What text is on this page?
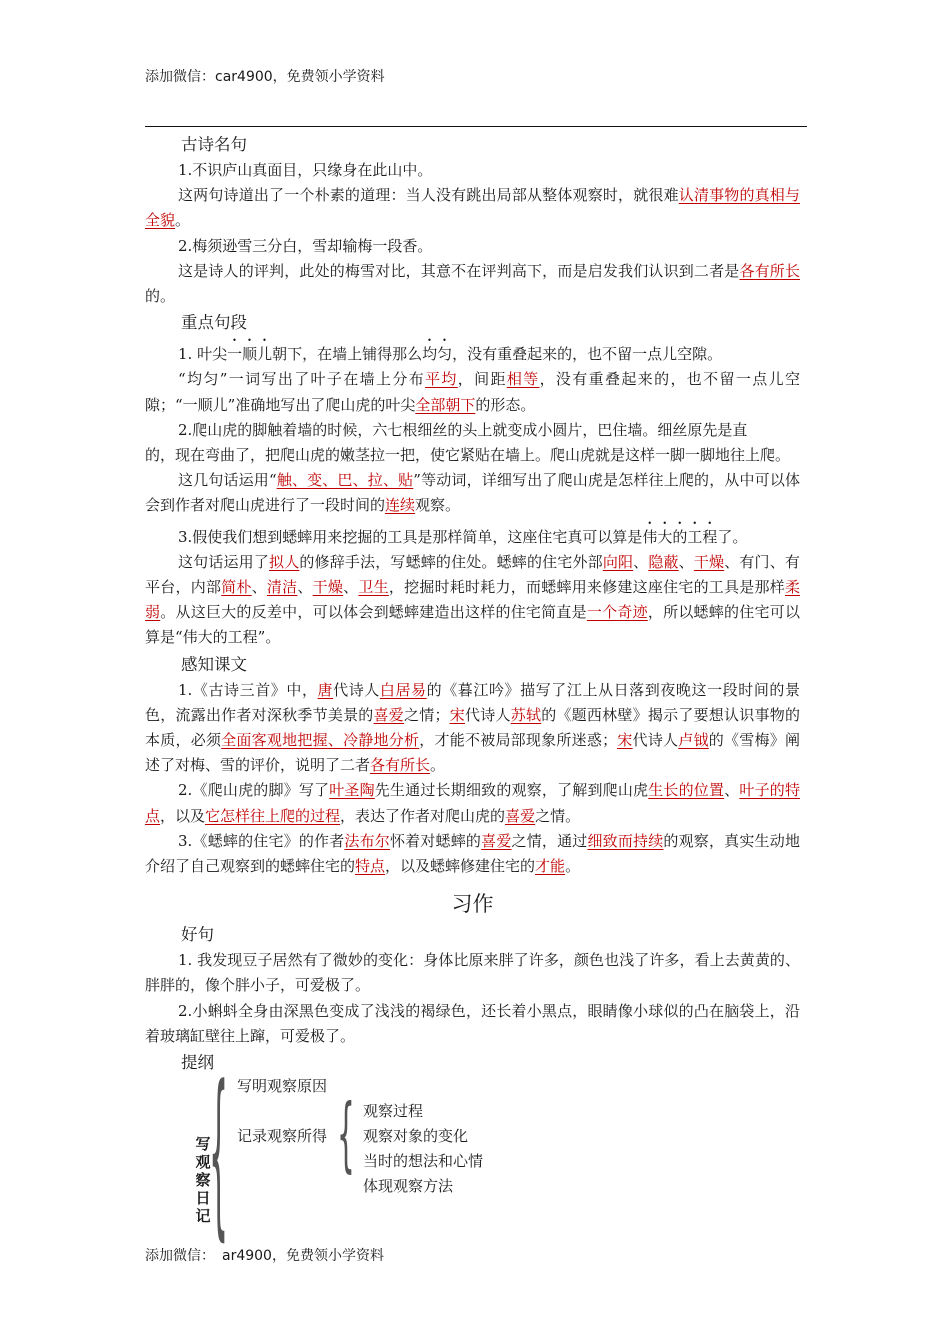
添加微信：car4900，免费领小学资料
古诗名句

1.不识庐山真面目，只缘身在此山中。

这两句诗道出了一个朴素的道理：当人没有跳出局部从整体观察时，就很难认清事物的真相与全貌。

2.梅须逊雪三分白，雪却输梅一段香。

这是诗人的评判，此处的梅雪对比，其意不在评判高下，而是启发我们认识到二者是各有所长的。

重点句段

1. 叶尖一顺儿朝下，在墙上铺得那么均匀，没有重叠起来的，也不留一点儿空隙。

“均匀”一词写出了叶子在墙上分布平均，间距相等，没有重叠起来的，也不留一点儿空隙；“一顺儿”准确地写出了爬山虎的叶尖全部朝下的形态。

2.爬山虎的脚触着墙的时候，六七根细丝的头上就变成小圆片，巴住墙。细丝原先是直
的，现在弯曲了，把爬山虎的嫩茎拉一把，使它紧贴在墙上。爬山虎就是这样一脚一脚地往上爬。

这几句话运用“触、变、巴、拉、贴”等动词，详细写出了爬山虎是怎样往上爬的，从中可以体会到作者对爬山虎进行了一段时间的连续观察。

3.假使我们想到蟋蟀用来挖掘的工具是那样简单，这座住宅真可以算是伟大的工程了。

这句话运用了拟人的修辞手法，写蟋蟀的住处。蟋蟀的住宅外部向阳、隐蔽、干燥、有门、有平台，内部简朴、清洁、干燥、卫生，挖掘时耗时耗力，而蟋蟀用来修建这座住宅的工具是那样柔弱。从这巨大的反差中，可以体会到蟋蟀建造出这样的住宅简直是一个奇迹，所以蟋蟀的住宅可以算是“伟大的工程”。

感知课文

1.《古诗三首》中，唐代诗人白居易的《暮江吟》描写了江上从日落到夜晚这一段时间的景色，流露出作者对深秋季节美景的喜爱之情；宋代诗人苏轼的《题西林壁》揭示了要想认识事物的本质，必须全面客观地把握、冷静地分析，才能不被局部现象所迷惑；宋代诗人卢钺的《雪梅》阐述了对梅、雪的评价，说明了二者各有所长。

2.《爬山虎的脚》写了叶圣陶先生通过长期细致的观察，了解到爬山虎生长的位置、叶子的特点，以及它怎样往上爬的过程，表达了作者对爬山虎的喜爱之情。

3.《蟋蟀的住宅》的作者法布尔怀着对蟋蟀的喜爱之情，通过细致而持续的观察，真实生动地介绍了自己观察到的蟋蟀住宅的特点，以及蟋蟀修建住宅的才能。

习作
好句

1. 我发现豆子居然有了微妙的变化：身体比原来胖了许多，颜色也浅了许多，看上去黄黄的、胖胖的，像个胖小子，可爱极了。

2.小蝌蚪全身由深黑色变成了浅浅的褐绿色，还长着小黑点，眼睛像小球似的凸在脑袋上，沿着玻璃缸壁往上蹿，可爱极了。

提纲
写观察日记
{ 写明观察原因
记录观察所得 { 观察过程
观察对象的变化
当时的想法和心情
体现观察方法
添加微信： ar4900，免费领小学资料
